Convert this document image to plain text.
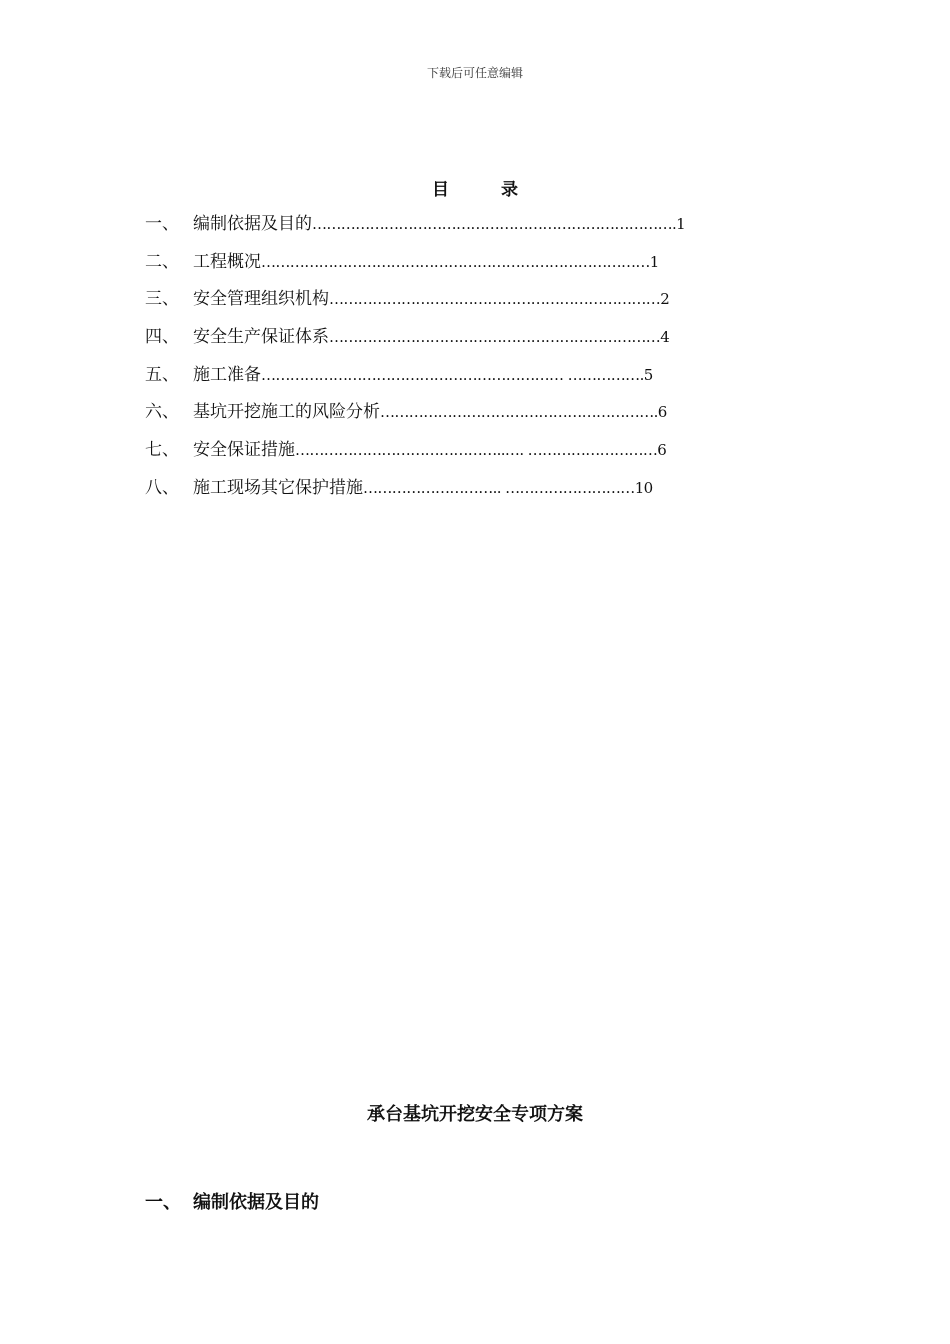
下载后可任意编辑
目	录
一、 编制依据及目的 ………………………………………………………………….1
二、 工程概况 ………………………………………………………………………1
三、 安全管理组织机构 ……………………………………………………………2
四、 安全生产保证体系 ……………………………………………………………4
五、 施工准备 ……………………………………………………… …………….5
六、 基坑开挖施工的风险分析 ………………………………………………….6
七、 安全保证措施 ……………………………………..…. ………………………6
八、 施工现场其它保护措施 ……………………….. ………………………10
承台基坑开挖安全专项方案
一、 编制依据及目的
